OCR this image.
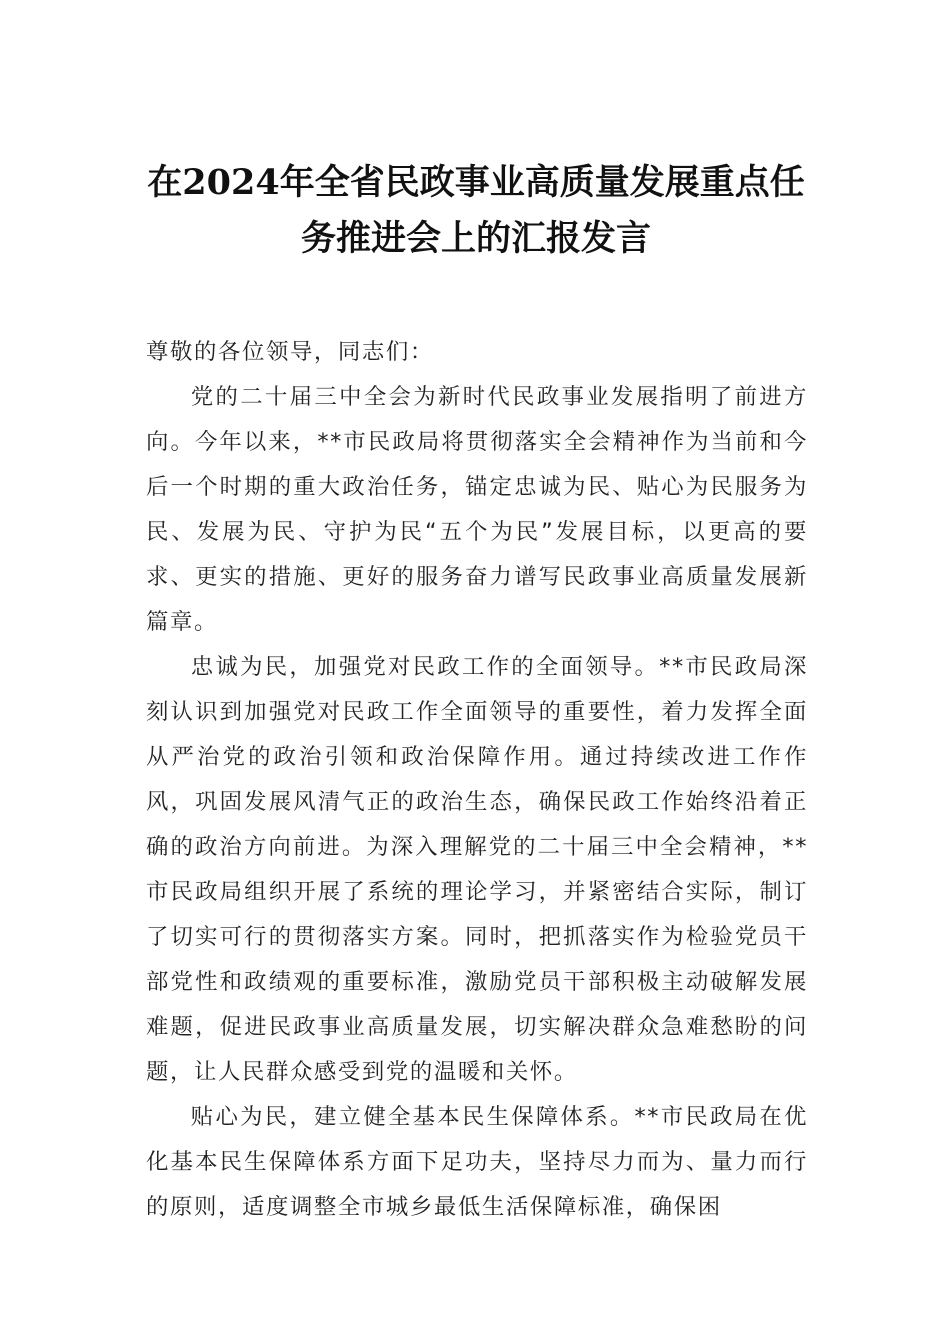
在2024年全省民政事业高质量发展重点任
务推进会上的汇报发言

尊敬的各位领导，同志们：

党的二十届三中全会为新时代民政事业发展指明了前进方向。今年以来，**市民政局将贯彻落实全会精神作为当前和今后一个时期的重大政治任务，锚定忠诚为民、贴心为民服务为民、发展为民、守护为民“五个为民”发展目标，以更高的要求、更实的措施、更好的服务奋力谱写民政事业高质量发展新篇章。

忠诚为民，加强党对民政工作的全面领导。**市民政局深刻认识到加强党对民政工作全面领导的重要性，着力发挥全面从严治党的政治引领和政治保障作用。通过持续改进工作作风，巩固发展风清气正的政治生态，确保民政工作始终沿着正确的政治方向前进。为深入理解党的二十届三中全会精神，**市民政局组织开展了系统的理论学习，并紧密结合实际，制订了切实可行的贯彻落实方案。同时，把抓落实作为检验党员干部党性和政绩观的重要标准，激励党员干部积极主动破解发展难题，促进民政事业高质量发展，切实解决群众急难愁盼的问题，让人民群众感受到党的温暖和关怀。

贴心为民，建立健全基本民生保障体系。**市民政局在优化基本民生保障体系方面下足功夫，坚持尽力而为、量力而行的原则，适度调整全市城乡最低生活保障标准，确保困
